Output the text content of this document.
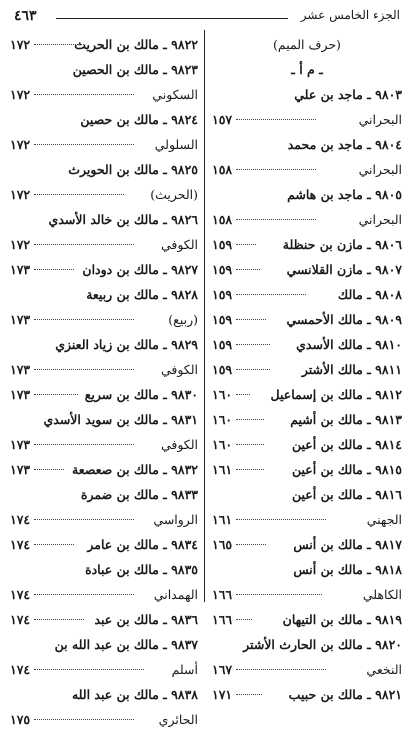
٤٦٣	الجزء الخامس عشر
(حرف الميم)
ـ م أ ـ
٩٨٠٣ ـ ماجد بن علي
البحراني
١٥٧
٩٨٠٤ ـ ماجد بن محمد
البحراني
١٥٨
٩٨٠٥ ـ ماجد بن هاشم
البحراني
١٥٨
٩٨٠٦ ـ مازن بن حنظلة
١٥٩
٩٨٠٧ ـ مازن القلانسي
١٥٩
٩٨٠٨ ـ مالك
١٥٩
٩٨٠٩ ـ مالك الأحمسي
١٥٩
٩٨١٠ ـ مالك الأسدي
١٥٩
٩٨١١ ـ مالك الأشتر
١٥٩
٩٨١٢ ـ مالك بن إسماعيل
١٦٠
٩٨١٣ ـ مالك بن أشيم
١٦٠
٩٨١٤ ـ مالك بن أعين
١٦٠
٩٨١٥ ـ مالك بن أعين
١٦١
٩٨١٦ ـ مالك بن أعين
الجهني
١٦١
٩٨١٧ ـ مالك بن أنس
١٦٥
٩٨١٨ ـ مالك بن أنس
الكاهلي
١٦٦
٩٨١٩ ـ مالك بن التيهان
١٦٦
٩٨٢٠ ـ مالك بن الحارث الأشتر
النخعي
١٦٧
٩٨٢١ ـ مالك بن حبيب
١٧١
٩٨٢٢ ـ مالك بن الحريث
١٧٢
٩٨٢٣ ـ مالك بن الحصين
السكوني
١٧٢
٩٨٢٤ ـ مالك بن حصين
السلولي
١٧٢
٩٨٢٥ ـ مالك بن الحويرث
(الحريث)
١٧٢
٩٨٢٦ ـ مالك بن خالد الأسدي
الكوفي
١٧٢
٩٨٢٧ ـ مالك بن دودان
١٧٣
٩٨٢٨ ـ مالك بن ربيعة
(ربيع)
١٧٣
٩٨٢٩ ـ مالك بن زياد العنزي
الكوفي
١٧٣
٩٨٣٠ ـ مالك بن سريع
١٧٣
٩٨٣١ ـ مالك بن سويد الأسدي
الكوفي
١٧٣
٩٨٣٢ ـ مالك بن صعصعة
١٧٣
٩٨٣٣ ـ مالك بن ضمرة
الرواسي
١٧٤
٩٨٣٤ ـ مالك بن عامر
١٧٤
٩٨٣٥ ـ مالك بن عبادة
الهمداني
١٧٤
٩٨٣٦ ـ مالك بن عبد
١٧٤
٩٨٣٧ ـ مالك بن عبد الله بن
أسلم
١٧٤
٩٨٣٨ ـ مالك بن عبد الله
الحائري
١٧٥
